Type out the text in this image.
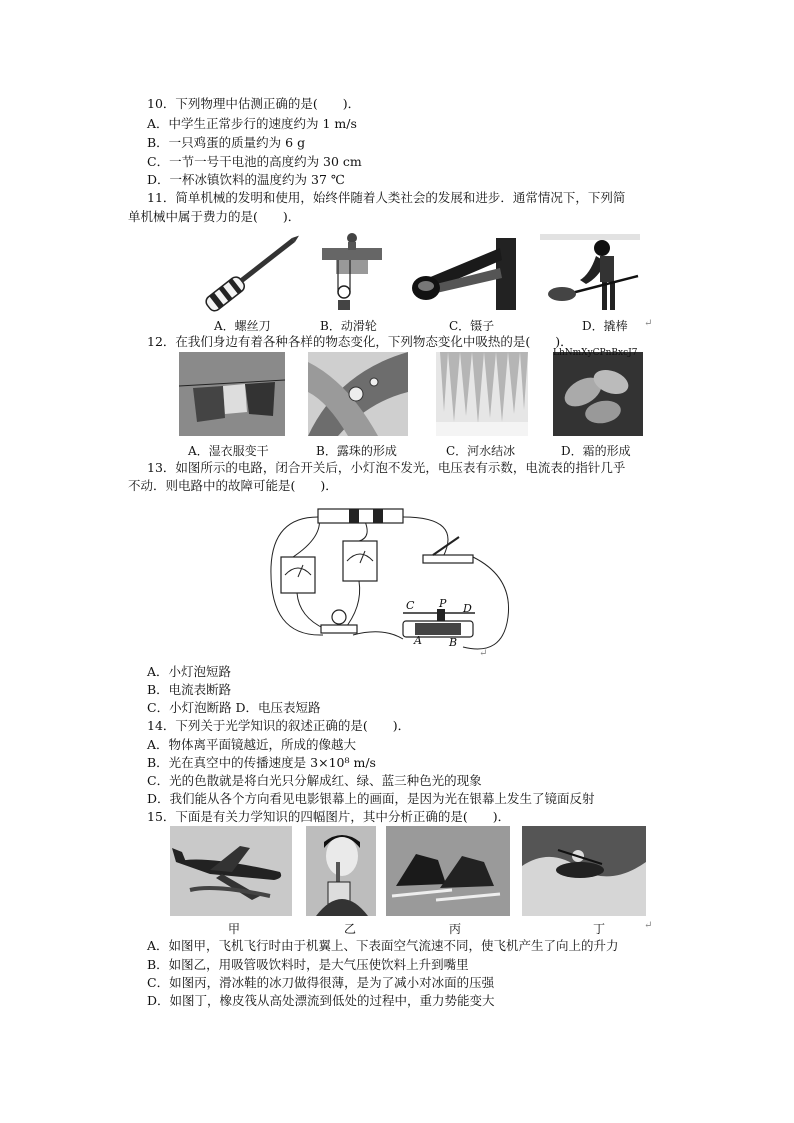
10．下列物理中估测正确的是(　　)．
A．中学生正常步行的速度约为 1 m/s
B．一只鸡蛋的质量约为 6 g
C．一节一号干电池的高度约为 30 cm
D．一杯冰镇饮料的温度约为 37 ℃
11．简单机械的发明和使用，始终伴随着人类社会的发展和进步．通常情况下，下列简
单机械中属于费力的是(　　)．
A．螺丝刀	B．动滑轮	C．镊子	D．撬棒 ↵
12．在我们身边有着各种各样的物态变化，下列物态变化中吸热的是(　　)．
LhNmXyCPnBxcJ7
A．湿衣服变干	B．露珠的形成	C．河水结冰	D．霜的形成
13．如图所示的电路，闭合开关后，小灯泡不发光，电压表有示数，电流表的指针几乎
不动．则电路中的故障可能是(　　)．
C P D
A B
↵
A．小灯泡短路
B．电流表断路
C．小灯泡断路 D．电压表短路
14．下列关于光学知识的叙述正确的是(　　)．
A．物体离平面镜越近，所成的像越大
B．光在真空中的传播速度是 3×10⁸ m/s
C．光的色散就是将白光只分解成红、绿、蓝三种色光的现象
D．我们能从各个方向看见电影银幕上的画面，是因为光在银幕上发生了镜面反射
15．下面是有关力学知识的四幅图片，其中分析正确的是(　　)．
甲	乙	丙	丁	↵
A．如图甲，飞机飞行时由于机翼上、下表面空气流速不同，使飞机产生了向上的升力
B．如图乙，用吸管吸饮料时，是大气压使饮料上升到嘴里
C．如图丙，滑冰鞋的冰刀做得很薄，是为了减小对冰面的压强
D．如图丁，橡皮筏从高处漂流到低处的过程中，重力势能变大
